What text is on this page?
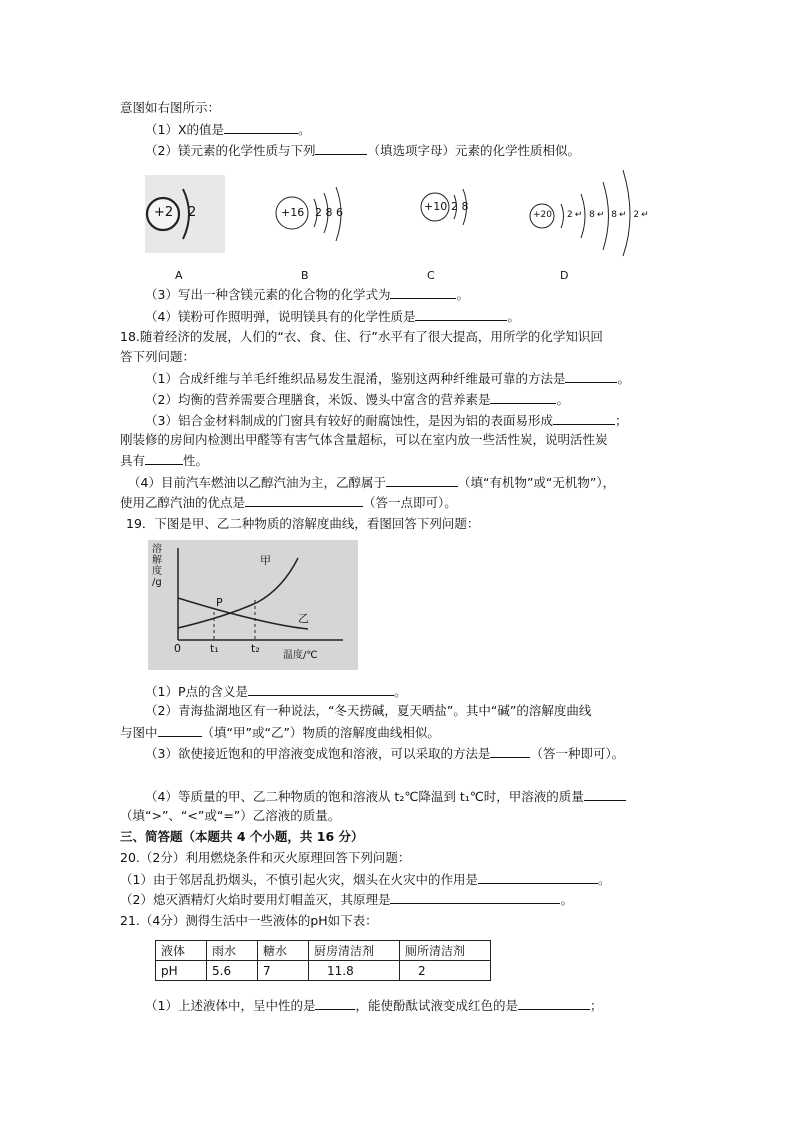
意图如右图所示：
（1）X的值是	。
（2）镁元素的化学性质与下列	（填选项字母）元素的化学性质相似。
+2 2	+16 2 8 6	+10 2 8
+20 2↵ 8↵ 8↵ 2↵
A	B	C	D
（3）写出一种含镁元素的化合物的化学式为	。
（4）镁粉可作照明弹，说明镁具有的化学性质是	。
18.随着经济的发展，人们的“衣、食、住、行”水平有了很大提高，用所学的化学知识回
答下列问题：
（1）合成纤维与羊毛纤维织品易发生混淆，鉴别这两种纤维最可靠的方法是	。
（2）均衡的营养需要合理膳食，米饭、馒头中富含的营养素是	。
（3）铝合金材料制成的门窗具有较好的耐腐蚀性，是因为铝的表面易形成	；
刚装修的房间内检测出甲醛等有害气体含量超标，可以在室内放一些活性炭，说明活性炭
具有	性。
（4）目前汽车燃油以乙醇汽油为主，乙醇属于	（填“有机物”或“无机物”），
使用乙醇汽油的优点是	（答一点即可）。
19．下图是甲、乙二种物质的溶解度曲线，看图回答下列问题：
溶
解
度
/g
甲
乙
P
0	t₁	t₂
温度/℃
（1）P点的含义是	。
（2）青海盐湖地区有一种说法，“冬天捞碱，夏天晒盐”。其中“碱”的溶解度曲线
与图中	（填“甲”或“乙”）物质的溶解度曲线相似。
（3）欲使接近饱和的甲溶液变成饱和溶液，可以采取的方法是	（答一种即可）。
（4）等质量的甲、乙二种物质的饱和溶液从 t₂℃降温到 t₁℃时，甲溶液的质量
（填“>”、“<”或“=”）乙溶液的质量。
三、简答题（本题共 4 个小题，共 16 分）
20.（2分）利用燃烧条件和灭火原理回答下列问题：
（1）由于邻居乱扔烟头，不慎引起火灾，烟头在火灾中的作用是	。
（2）熄灭酒精灯火焰时要用灯帽盖灭，其原理是	。
21.（4分）测得生活中一些液体的pH如下表：
液体	雨水	糖水	厨房清洁剂	厕所清洁剂
pH	5.6	7	11.8	2
（1）上述液体中，呈中性的是	，能使酚酞试液变成红色的是	；
